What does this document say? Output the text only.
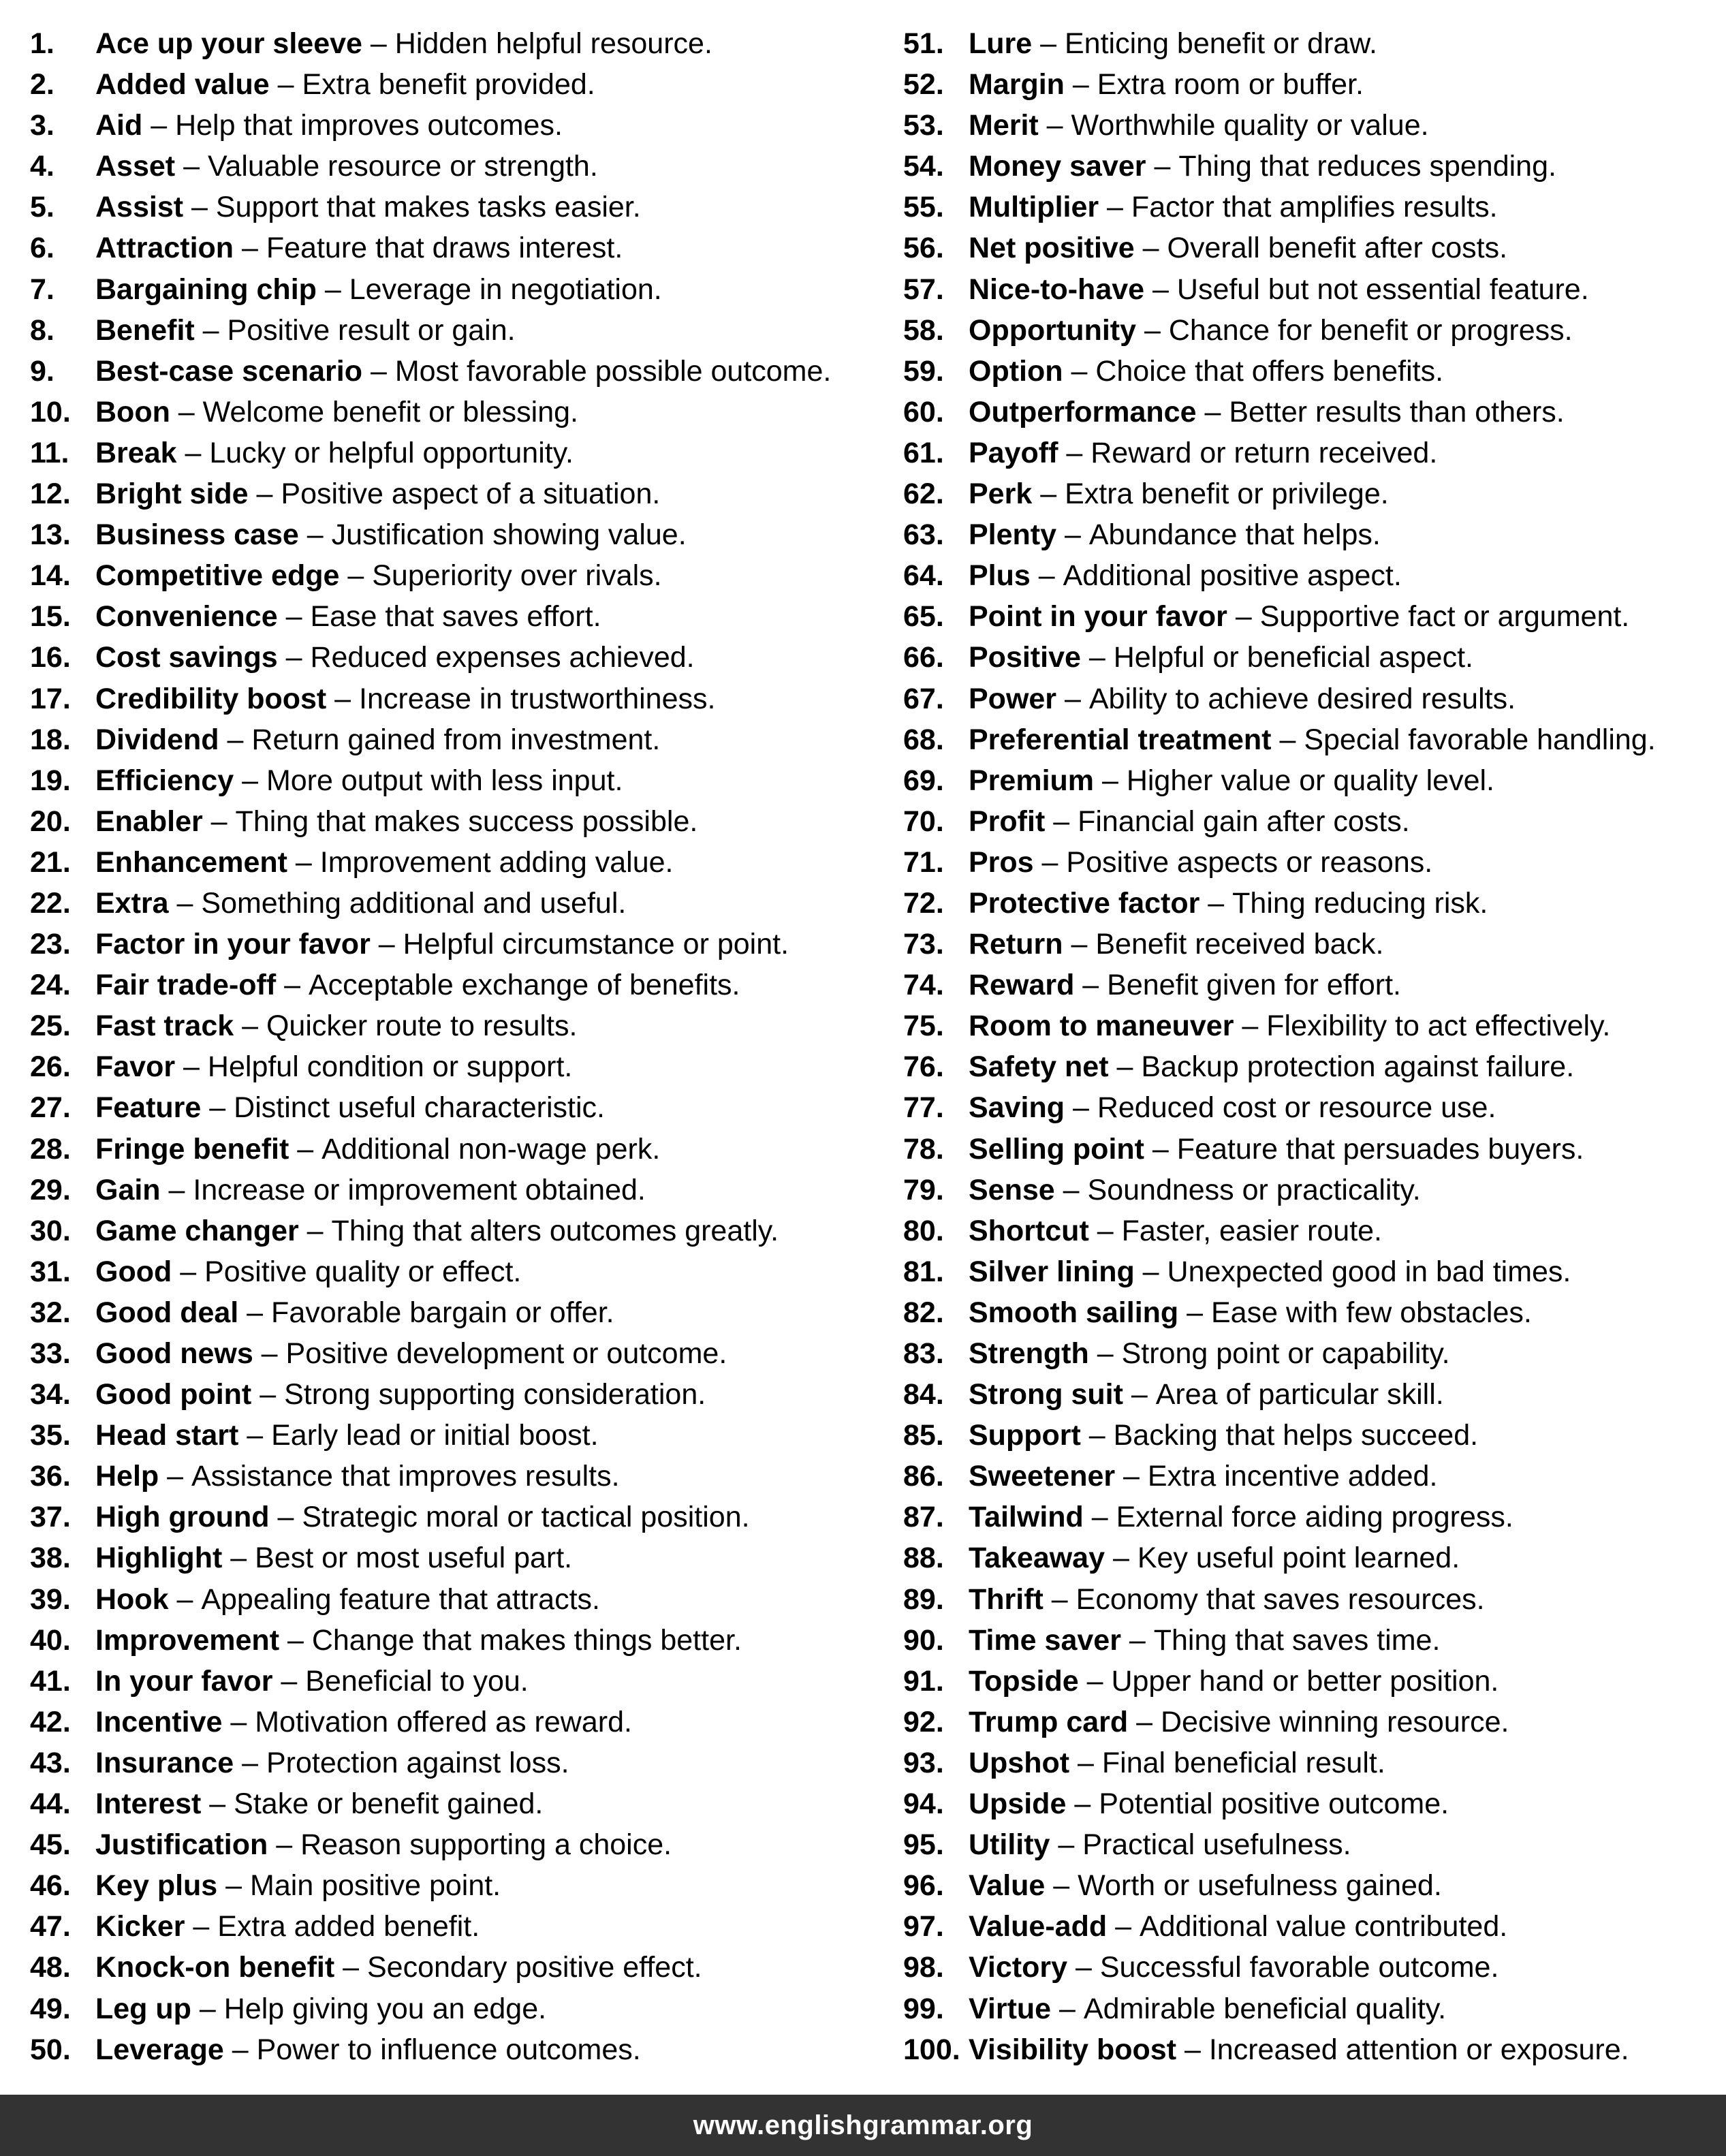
1.	Ace up your sleeve – Hidden helpful resource.
2.	Added value – Extra benefit provided.
3.	Aid – Help that improves outcomes.
4.	Asset – Valuable resource or strength.
5.	Assist – Support that makes tasks easier.
6.	Attraction – Feature that draws interest.
7.	Bargaining chip – Leverage in negotiation.
8.	Benefit – Positive result or gain.
9.	Best-case scenario – Most favorable possible outcome.
10. Boon – Welcome benefit or blessing.
11. Break – Lucky or helpful opportunity.
12. Bright side – Positive aspect of a situation.
13. Business case – Justification showing value.
14. Competitive edge – Superiority over rivals.
15. Convenience – Ease that saves effort.
16. Cost savings – Reduced expenses achieved.
17. Credibility boost – Increase in trustworthiness.
18. Dividend – Return gained from investment.
19. Efficiency – More output with less input.
20. Enabler – Thing that makes success possible.
21. Enhancement – Improvement adding value.
22. Extra – Something additional and useful.
23. Factor in your favor – Helpful circumstance or point.
24. Fair trade-off – Acceptable exchange of benefits.
25. Fast track – Quicker route to results.
26. Favor – Helpful condition or support.
27. Feature – Distinct useful characteristic.
28. Fringe benefit – Additional non-wage perk.
29. Gain – Increase or improvement obtained.
30. Game changer – Thing that alters outcomes greatly.
31. Good – Positive quality or effect.
32. Good deal – Favorable bargain or offer.
33. Good news – Positive development or outcome.
34. Good point – Strong supporting consideration.
35. Head start – Early lead or initial boost.
36. Help – Assistance that improves results.
37. High ground – Strategic moral or tactical position.
38. Highlight – Best or most useful part.
39. Hook – Appealing feature that attracts.
40. Improvement – Change that makes things better.
41. In your favor – Beneficial to you.
42. Incentive – Motivation offered as reward.
43. Insurance – Protection against loss.
44. Interest – Stake or benefit gained.
45. Justification – Reason supporting a choice.
46. Key plus – Main positive point.
47. Kicker – Extra added benefit.
48. Knock-on benefit – Secondary positive effect.
49. Leg up – Help giving you an edge.
50. Leverage – Power to influence outcomes.
51. Lure – Enticing benefit or draw.
52. Margin – Extra room or buffer.
53. Merit – Worthwhile quality or value.
54. Money saver – Thing that reduces spending.
55. Multiplier – Factor that amplifies results.
56. Net positive – Overall benefit after costs.
57. Nice-to-have – Useful but not essential feature.
58. Opportunity – Chance for benefit or progress.
59. Option – Choice that offers benefits.
60. Outperformance – Better results than others.
61. Payoff – Reward or return received.
62. Perk – Extra benefit or privilege.
63. Plenty – Abundance that helps.
64. Plus – Additional positive aspect.
65. Point in your favor – Supportive fact or argument.
66. Positive – Helpful or beneficial aspect.
67. Power – Ability to achieve desired results.
68. Preferential treatment – Special favorable handling.
69. Premium – Higher value or quality level.
70. Profit – Financial gain after costs.
71. Pros – Positive aspects or reasons.
72. Protective factor – Thing reducing risk.
73. Return – Benefit received back.
74. Reward – Benefit given for effort.
75. Room to maneuver – Flexibility to act effectively.
76. Safety net – Backup protection against failure.
77. Saving – Reduced cost or resource use.
78. Selling point – Feature that persuades buyers.
79. Sense – Soundness or practicality.
80. Shortcut – Faster, easier route.
81. Silver lining – Unexpected good in bad times.
82. Smooth sailing – Ease with few obstacles.
83. Strength – Strong point or capability.
84. Strong suit – Area of particular skill.
85. Support – Backing that helps succeed.
86. Sweetener – Extra incentive added.
87. Tailwind – External force aiding progress.
88. Takeaway – Key useful point learned.
89. Thrift – Economy that saves resources.
90. Time saver – Thing that saves time.
91. Topside – Upper hand or better position.
92. Trump card – Decisive winning resource.
93. Upshot – Final beneficial result.
94. Upside – Potential positive outcome.
95. Utility – Practical usefulness.
96. Value – Worth or usefulness gained.
97. Value-add – Additional value contributed.
98. Victory – Successful favorable outcome.
99. Virtue – Admirable beneficial quality.
100. Visibility boost – Increased attention or exposure.
www.englishgrammar.org
